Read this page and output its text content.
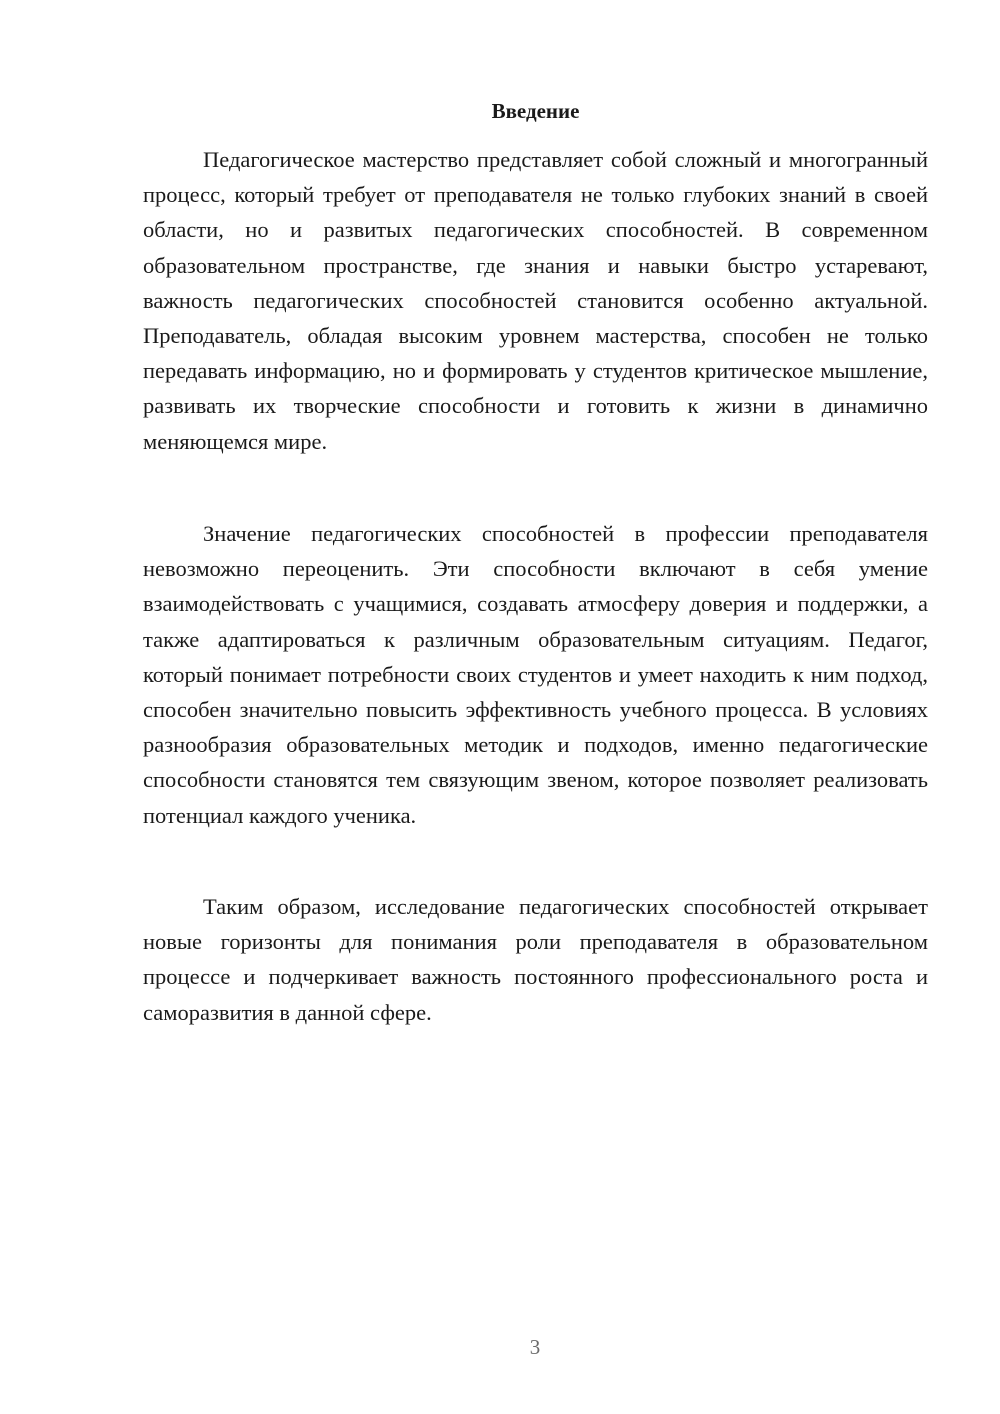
Введение

Педагогическое мастерство представляет собой сложный и многогранный процесс, который требует от преподавателя не только глубоких знаний в своей области, но и развитых педагогических способностей. В современном образовательном пространстве, где знания и навыки быстро устаревают, важность педагогических способностей становится особенно актуальной. Преподаватель, обладая высоким уровнем мастерства, способен не только передавать информацию, но и формировать у студентов критическое мышление, развивать их творческие способности и готовить к жизни в динамично меняющемся мире.

Значение педагогических способностей в профессии преподавателя невозможно переоценить. Эти способности включают в себя умение взаимодействовать с учащимися, создавать атмосферу доверия и поддержки, а также адаптироваться к различным образовательным ситуациям. Педагог, который понимает потребности своих студентов и умеет находить к ним подход, способен значительно повысить эффективность учебного процесса. В условиях разнообразия образовательных методик и подходов, именно педагогические способности становятся тем связующим звеном, которое позволяет реализовать потенциал каждого ученика.

Таким образом, исследование педагогических способностей открывает новые горизонты для понимания роли преподавателя в образовательном процессе и подчеркивает важность постоянного профессионального роста и саморазвития в данной сфере.

3
